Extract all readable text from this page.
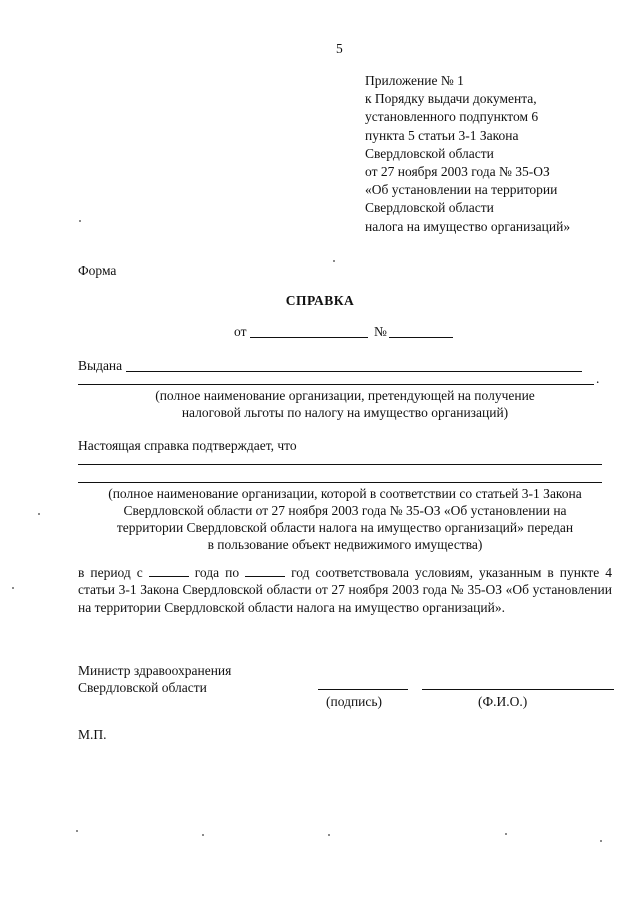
5
Приложение № 1
к Порядку выдачи документа,
установленного подпунктом 6
пункта 5 статьи 3-1 Закона
Свердловской области
от 27 ноября 2003 года № 35-ОЗ
«Об установлении на территории
Свердловской области
налога на имущество организаций»
Форма
СПРАВКА
от	№
Выдана
.
(полное наименование организации, претендующей на получение
налоговой льготы по налогу на имущество организаций)
Настоящая справка подтверждает, что
(полное наименование организации, которой в соответствии со статьей 3-1 Закона
Свердловской области от 27 ноября 2003 года № 35-ОЗ «Об установлении на
территории Свердловской области налога на имущество организаций» передан
в пользование объект недвижимого имущества)
в период с	года по	год соответствовала условиям, указанным в пункте 4 статьи 3-1 Закона Свердловской области от 27 ноября 2003 года № 35-ОЗ «Об установлении на территории Свердловской области налога на имущество организаций».
Министр здравоохранения
Свердловской области
(подпись)	(Ф.И.О.)
М.П.
